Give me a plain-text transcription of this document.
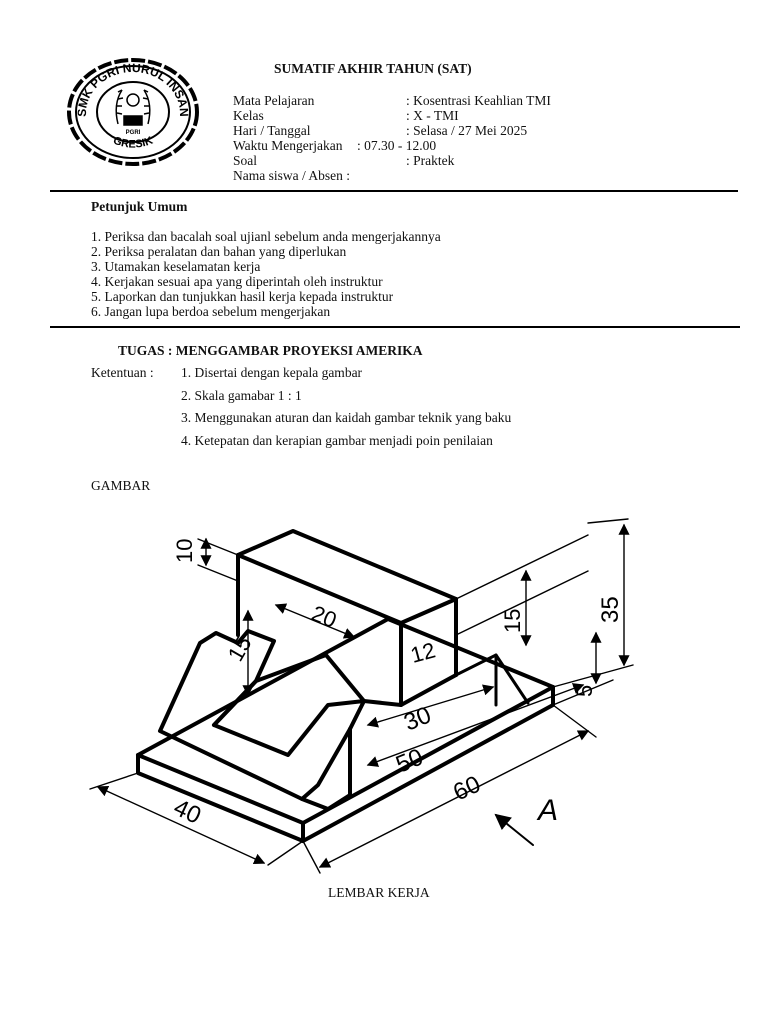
SMK PGRI NURUL INSAN
GRESIK
PGRI
SUMATIF AKHIR TAHUN (SAT)
Mata Pelajaran	: Kosentrasi Keahlian TMI
Kelas	: X - TMI
Hari / Tanggal	: Selasa / 27 Mei 2025
Waktu Mengerjakan : 07.30 - 12.00
Soal	: Praktek
Nama siswa / Absen :
Petunjuk Umum
1. Periksa dan bacalah soal ujianl sebelum anda mengerjakannya
2. Periksa peralatan dan bahan yang diperlukan
3. Utamakan keselamatan kerja
4. Kerjakan sesuai apa yang diperintah oleh instruktur
5. Laporkan dan tunjukkan hasil kerja kepada instruktur
6. Jangan lupa berdoa sebelum mengerjakan
TUGAS : MENGGAMBAR PROYEKSI AMERIKA
Ketentuan : 1. Disertai dengan kepala gambar
2. Skala gamabar 1 : 1
3. Menggunakan aturan dan kaidah gambar teknik yang baku
4. Ketepatan dan kerapian gambar menjadi poin penilaian
GAMBAR
10
20
15	12
15	35
5
30
50
60
40	A
LEMBAR KERJA
